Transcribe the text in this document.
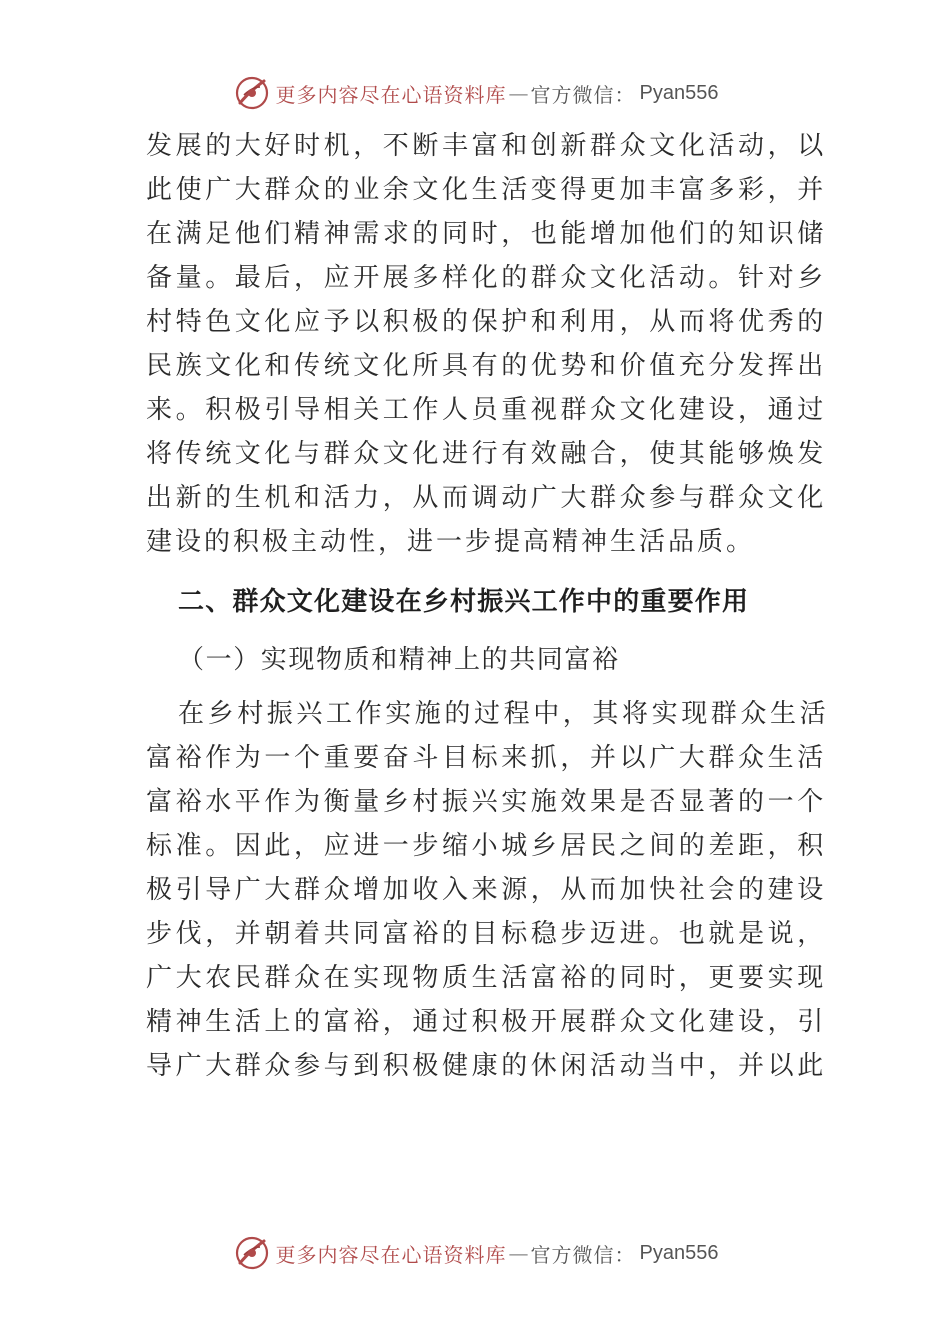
更多内容尽在心语资料库 — 官方微信： Pyan556
发展的大好时机，不断丰富和创新群众文化活动，以
此使广大群众的业余文化生活变得更加丰富多彩，并
在满足他们精神需求的同时，也能增加他们的知识储
备量。最后，应开展多样化的群众文化活动。针对乡
村特色文化应予以积极的保护和利用，从而将优秀的
民族文化和传统文化所具有的优势和价值充分发挥出
来。积极引导相关工作人员重视群众文化建设，通过
将传统文化与群众文化进行有效融合，使其能够焕发
出新的生机和活力，从而调动广大群众参与群众文化
建设的积极主动性，进一步提高精神生活品质。
二、群众文化建设在乡村振兴工作中的重要作用
（一）实现物质和精神上的共同富裕
在乡村振兴工作实施的过程中，其将实现群众生活
富裕作为一个重要奋斗目标来抓，并以广大群众生活
富裕水平作为衡量乡村振兴实施效果是否显著的一个
标准。因此，应进一步缩小城乡居民之间的差距，积
极引导广大群众增加收入来源，从而加快社会的建设
步伐，并朝着共同富裕的目标稳步迈进。也就是说，
广大农民群众在实现物质生活富裕的同时，更要实现
精神生活上的富裕，通过积极开展群众文化建设，引
导广大群众参与到积极健康的休闲活动当中，并以此
更多内容尽在心语资料库 — 官方微信： Pyan556
